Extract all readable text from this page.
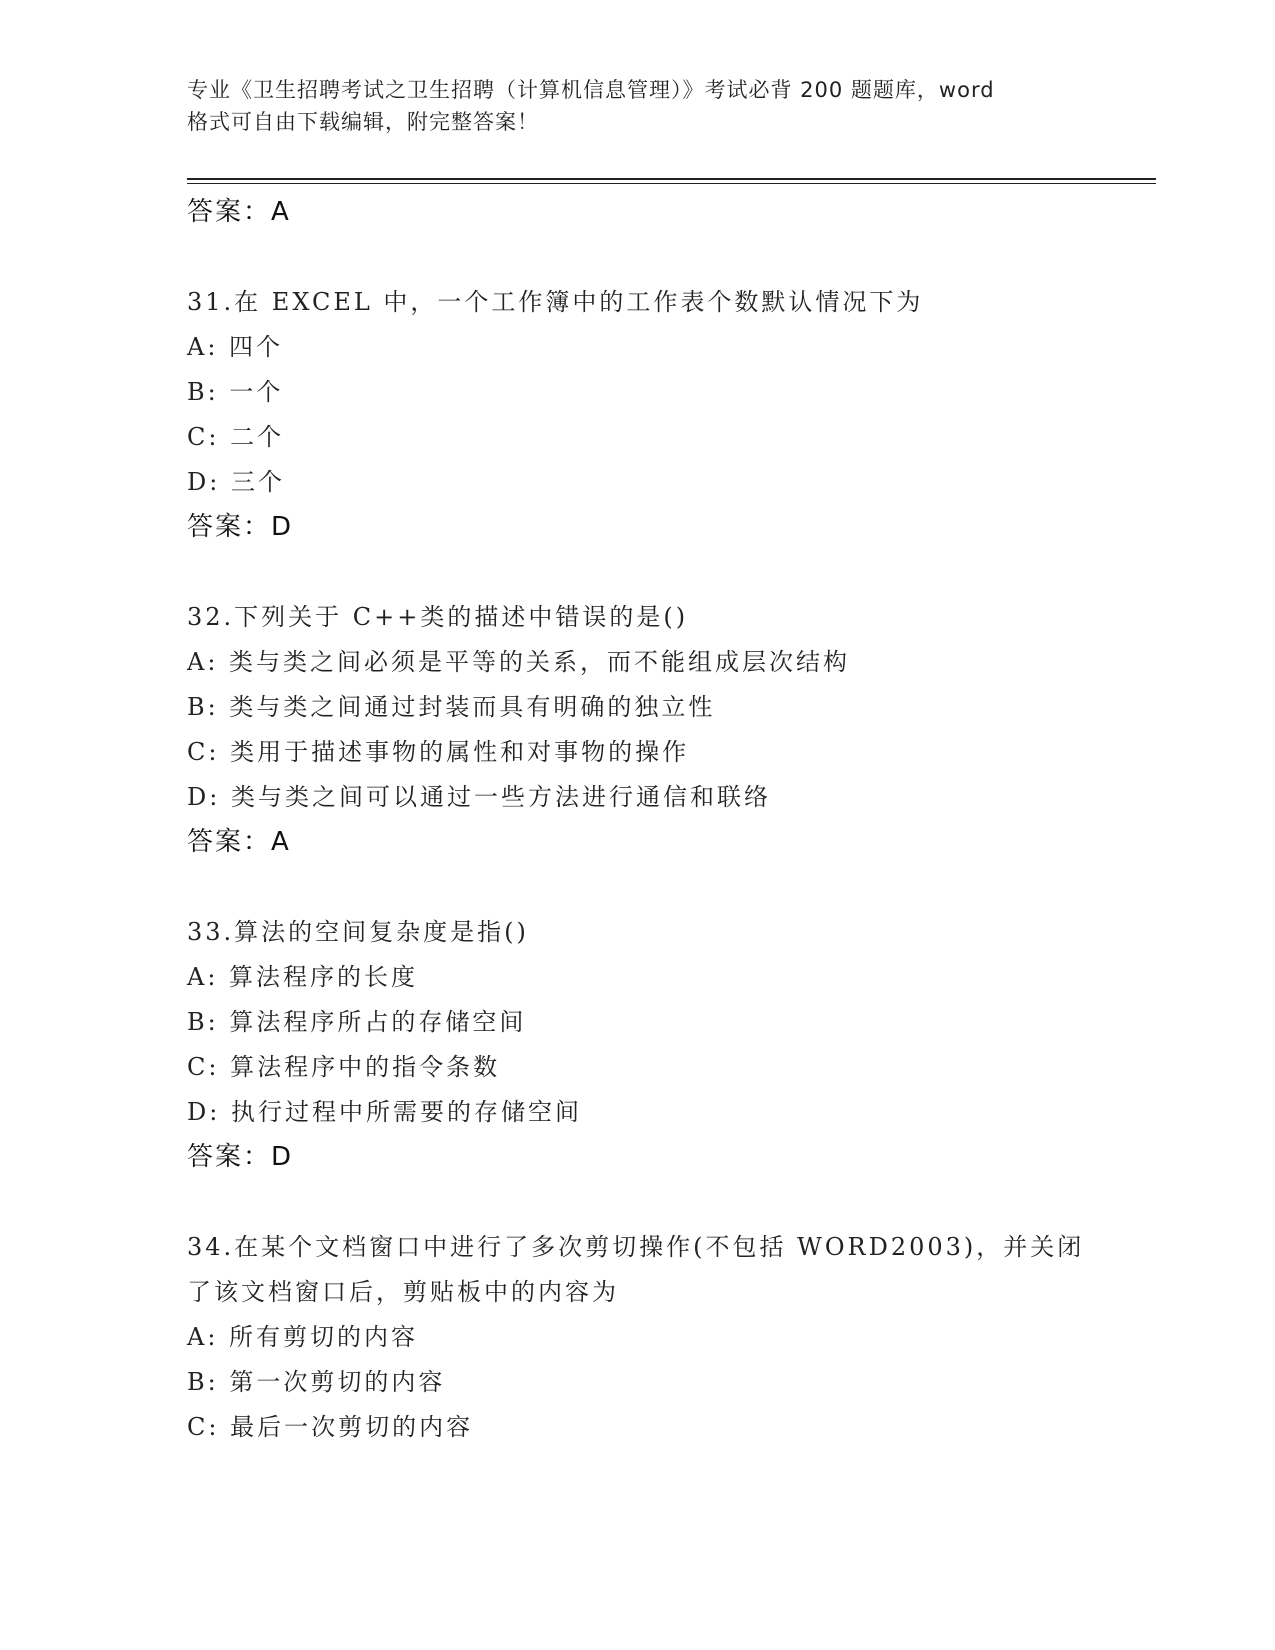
专业《卫生招聘考试之卫生招聘（计算机信息管理）》考试必背 200 题题库，word
格式可自由下载编辑，附完整答案！
答案：A
31.在 EXCEL 中，一个工作簿中的工作表个数默认情况下为
A: 四个
B: 一个
C: 二个
D: 三个
答案：D
32.下列关于 C++类的描述中错误的是()
A: 类与类之间必须是平等的关系，而不能组成层次结构
B: 类与类之间通过封装而具有明确的独立性
C: 类用于描述事物的属性和对事物的操作
D: 类与类之间可以通过一些方法进行通信和联络
答案：A
33.算法的空间复杂度是指()
A: 算法程序的长度
B: 算法程序所占的存储空间
C: 算法程序中的指令条数
D: 执行过程中所需要的存储空间
答案：D
34.在某个文档窗口中进行了多次剪切操作(不包括 WORD2003)，并关闭
了该文档窗口后，剪贴板中的内容为
A: 所有剪切的内容
B: 第一次剪切的内容
C: 最后一次剪切的内容
